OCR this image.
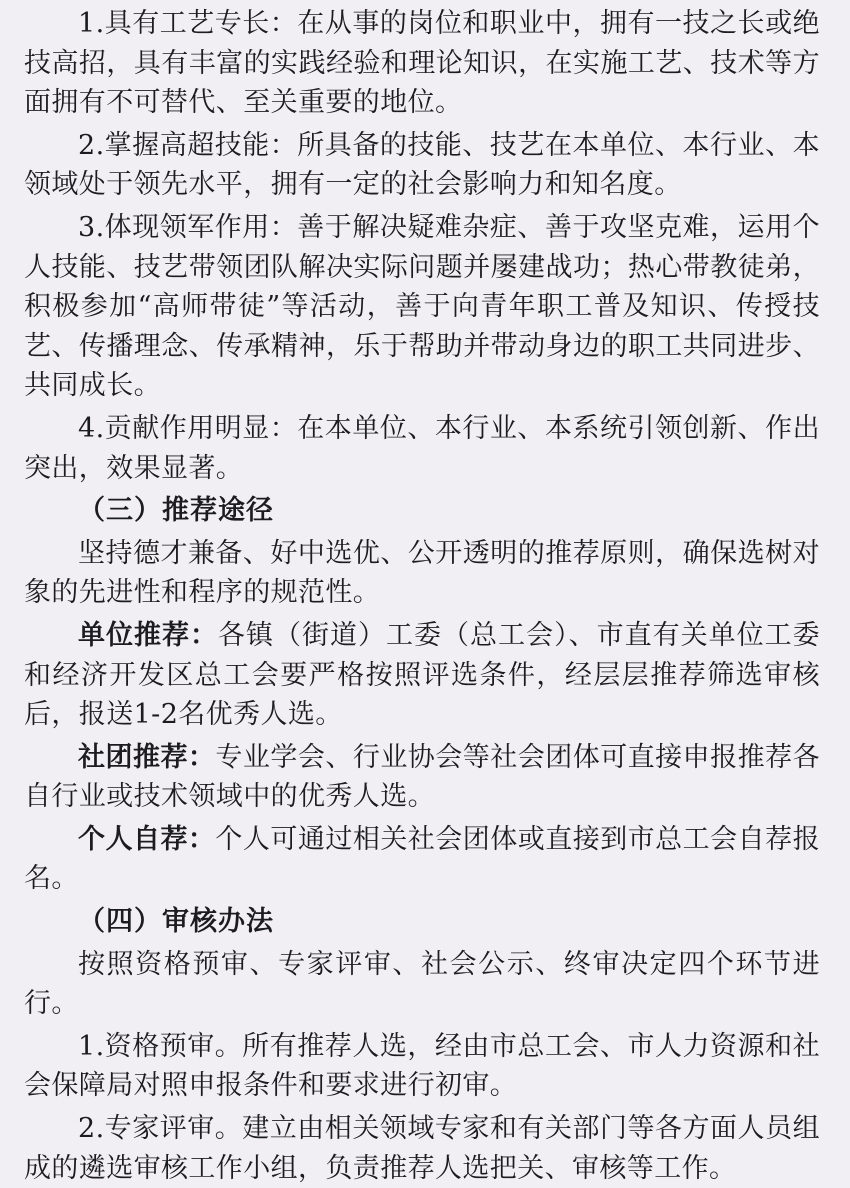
1.具有工艺专长：在从事的岗位和职业中，拥有一技之长或绝技高招，具有丰富的实践经验和理论知识，在实施工艺、技术等方面拥有不可替代、至关重要的地位。

2.掌握高超技能：所具备的技能、技艺在本单位、本行业、本领域处于领先水平，拥有一定的社会影响力和知名度。

3.体现领军作用：善于解决疑难杂症、善于攻坚克难，运用个人技能、技艺带领团队解决实际问题并屡建战功；热心带教徒弟，积极参加“高师带徒”等活动，善于向青年职工普及知识、传授技艺、传播理念、传承精神，乐于帮助并带动身边的职工共同进步、共同成长。

4.贡献作用明显：在本单位、本行业、本系统引领创新、作出突出，效果显著。

（三）推荐途径

坚持德才兼备、好中选优、公开透明的推荐原则，确保选树对象的先进性和程序的规范性。

单位推荐：各镇（街道）工委（总工会）、市直有关单位工委和经济开发区总工会要严格按照评选条件，经层层推荐筛选审核后，报送1-2名优秀人选。

社团推荐：专业学会、行业协会等社会团体可直接申报推荐各自行业或技术领域中的优秀人选。

个人自荐：个人可通过相关社会团体或直接到市总工会自荐报名。

（四）审核办法

按照资格预审、专家评审、社会公示、终审决定四个环节进行。

1.资格预审。所有推荐人选，经由市总工会、市人力资源和社会保障局对照申报条件和要求进行初审。

2.专家评审。建立由相关领域专家和有关部门等各方面人员组成的遴选审核工作小组，负责推荐人选把关、审核等工作。
